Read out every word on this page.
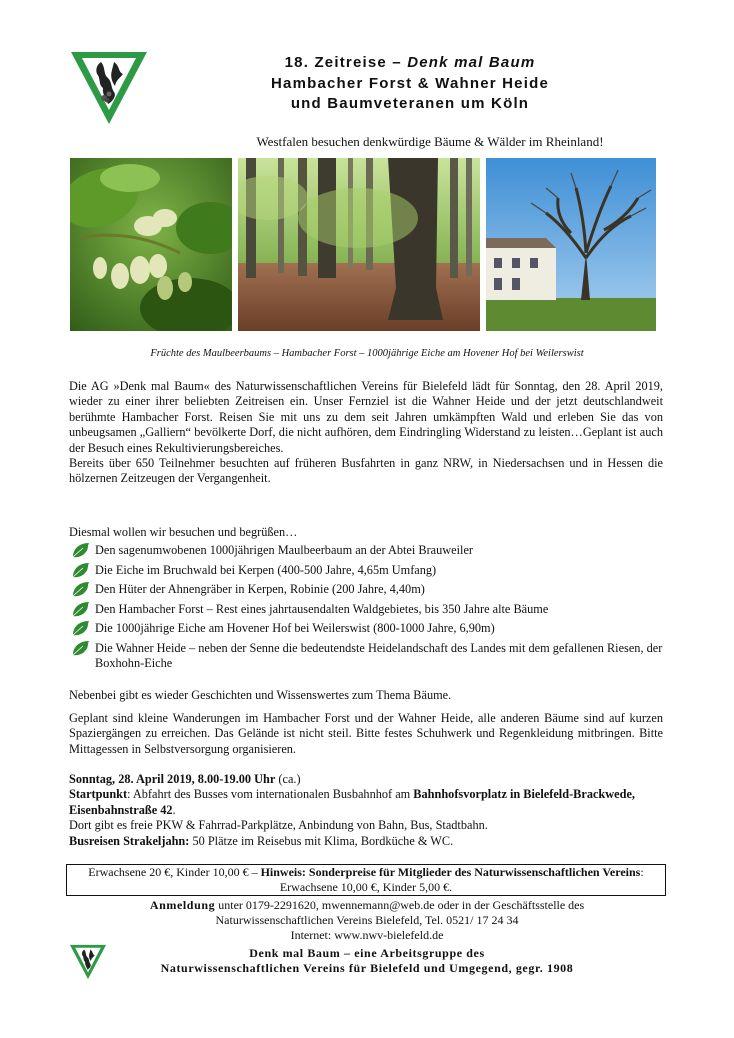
18. Zeitreise – Denk mal Baum
Hambacher Forst & Wahner Heide
und Baumveteranen um Köln
Westfalen besuchen denkwürdige Bäume & Wälder im Rheinland!
Früchte des Maulbeerbaums – Hambacher Forst – 1000jährige Eiche am Hovener Hof bei Weilerswist

Die AG »Denk mal Baum« des Naturwissenschaftlichen Vereins für Bielefeld lädt für Sonntag, den 28. April 2019, wieder zu einer ihrer beliebten Zeitreisen ein. Unser Fernziel ist die Wahner Heide und der jetzt deutschlandweit berühmte Hambacher Forst. Reisen Sie mit uns zu dem seit Jahren umkämpften Wald und erleben Sie das von unbeugsamen „Galliern“ bevölkerte Dorf, die nicht aufhören, dem Eindringling Widerstand zu leisten…Geplant ist auch der Besuch eines Rekultivierungsbereiches.

Bereits über 650 Teilnehmer besuchten auf früheren Busfahrten in ganz NRW, in Niedersachsen und in Hessen die hölzernen Zeitzeugen der Vergangenheit.

Diesmal wollen wir besuchen und begrüßen…
Den sagenumwobenen 1000jährigen Maulbeerbaum an der Abtei Brauweiler
Die Eiche im Bruchwald bei Kerpen (400-500 Jahre, 4,65m Umfang)
Den Hüter der Ahnengräber in Kerpen, Robinie (200 Jahre, 4,40m)
Den Hambacher Forst – Rest eines jahrtausendalten Waldgebietes, bis 350 Jahre alte Bäume
Die 1000jährige Eiche am Hovener Hof bei Weilerswist (800-1000 Jahre, 6,90m)
Die Wahner Heide – neben der Senne die bedeutendste Heidelandschaft des Landes mit dem gefallenen Riesen, der Boxhohn-Eiche
Nebenbei gibt es wieder Geschichten und Wissenswertes zum Thema Bäume.
Geplant sind kleine Wanderungen im Hambacher Forst und der Wahner Heide, alle anderen Bäume sind auf kurzen Spaziergängen zu erreichen. Das Gelände ist nicht steil. Bitte festes Schuhwerk und Regenkleidung mitbringen. Bitte Mittagessen in Selbstversorgung organisieren.
Sonntag, 28. April 2019, 8.00-19.00 Uhr (ca.)
Startpunkt: Abfahrt des Busses vom internationalen Busbahnhof am Bahnhofsvorplatz in Bielefeld-Brackwede, Eisenbahnstraße 42.
Dort gibt es freie PKW & Fahrrad-Parkplätze, Anbindung von Bahn, Bus, Stadtbahn.
Busreisen Strakeljahn: 50 Plätze im Reisebus mit Klima, Bordküche & WC.
Erwachsene 20 €, Kinder 10,00 € – Hinweis: Sonderpreise für Mitglieder des Naturwissenschaftlichen Vereins: Erwachsene 10,00 €, Kinder 5,00 €.
Anmeldung unter 0179-2291620, mwennemann@web.de oder in der Geschäftsstelle des
Naturwissenschaftlichen Vereins Bielefeld, Tel. 0521/ 17 24 34
Internet: www.nwv-bielefeld.de
Denk mal Baum – eine Arbeitsgruppe des
Naturwissenschaftlichen Vereins für Bielefeld und Umgegend, gegr. 1908
